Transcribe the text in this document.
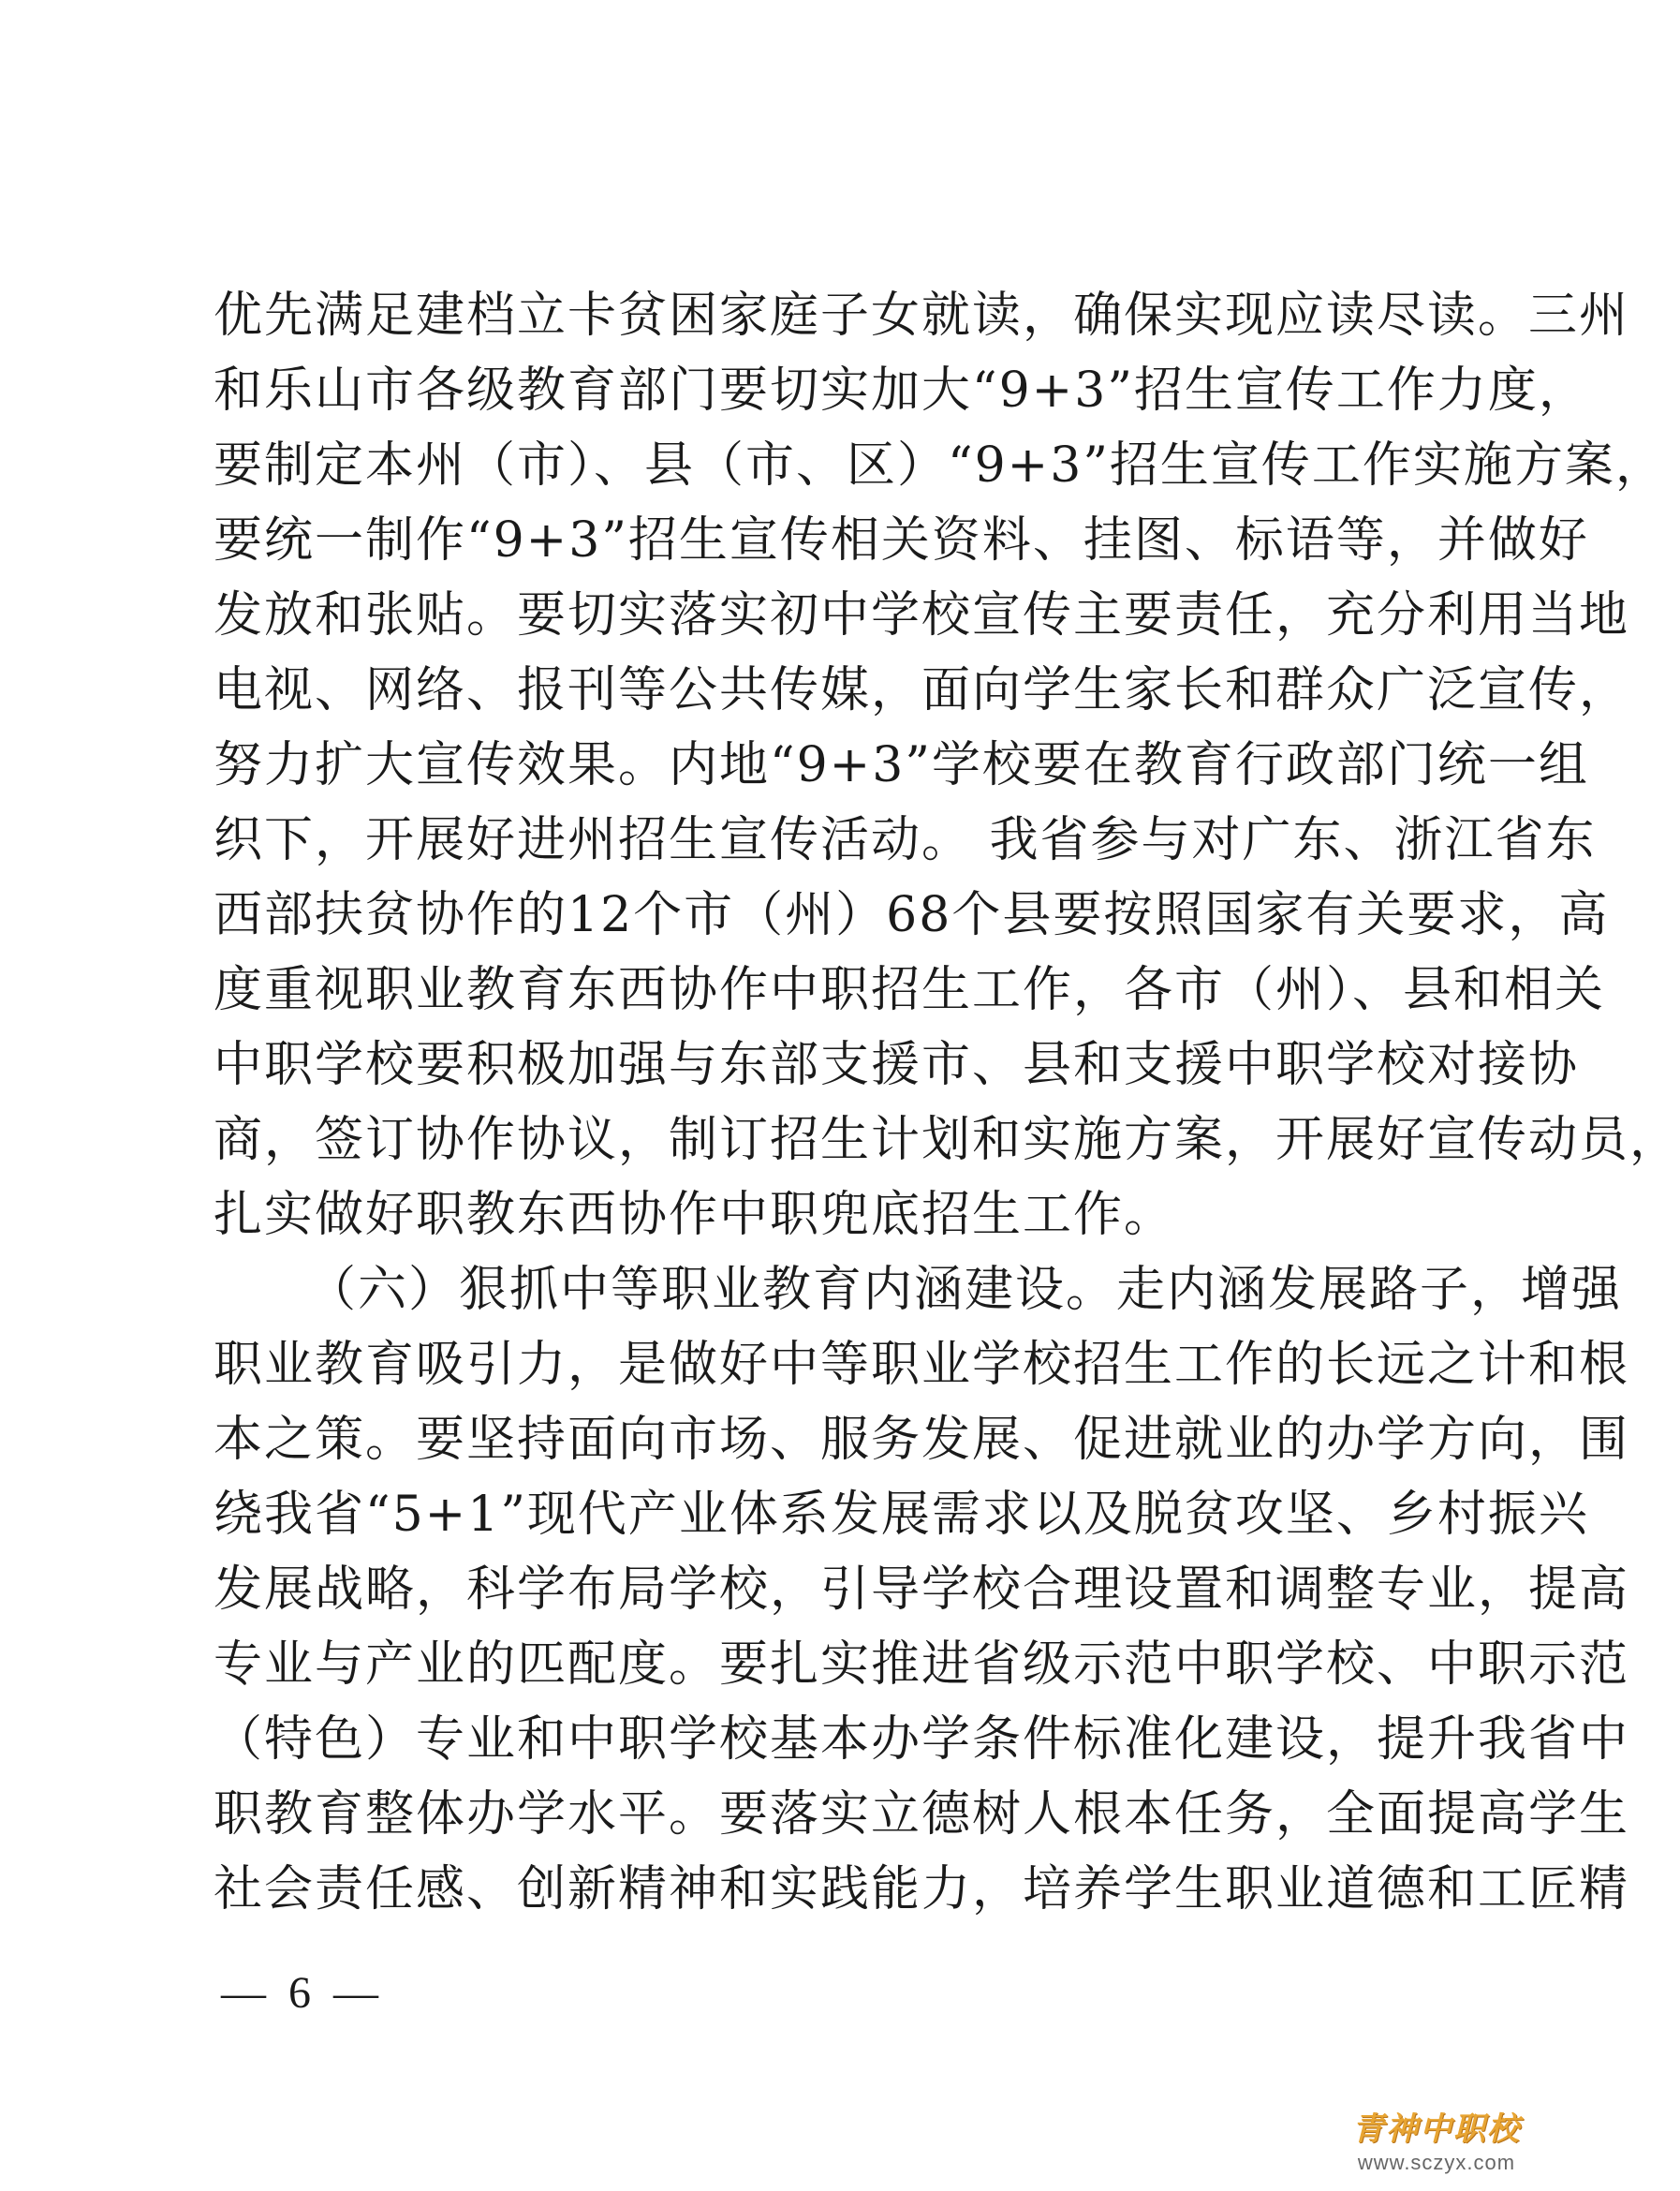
优先满足建档立卡贫困家庭子女就读，确保实现应读尽读。三州
和乐山市各级教育部门要切实加大“9+3”招生宣传工作力度，
要制定本州（市）、县（市、区）“9+3”招生宣传工作实施方案，
要统一制作“9+3”招生宣传相关资料、挂图、标语等，并做好
发放和张贴。要切实落实初中学校宣传主要责任，充分利用当地
电视、网络、报刊等公共传媒，面向学生家长和群众广泛宣传，
努力扩大宣传效果。内地“9+3”学校要在教育行政部门统一组
织下，开展好进州招生宣传活动。 我省参与对广东、浙江省东
西部扶贫协作的12个市（州）68个县要按照国家有关要求，高
度重视职业教育东西协作中职招生工作，各市（州）、县和相关
中职学校要积极加强与东部支援市、县和支援中职学校对接协
商，签订协作协议，制订招生计划和实施方案，开展好宣传动员，
扎实做好职教东西协作中职兜底招生工作。
（六）狠抓中等职业教育内涵建设。走内涵发展路子，增强
职业教育吸引力，是做好中等职业学校招生工作的长远之计和根
本之策。要坚持面向市场、服务发展、促进就业的办学方向，围
绕我省“5+1”现代产业体系发展需求以及脱贫攻坚、乡村振兴
发展战略，科学布局学校，引导学校合理设置和调整专业，提高
专业与产业的匹配度。要扎实推进省级示范中职学校、中职示范
（特色）专业和中职学校基本办学条件标准化建设，提升我省中
职教育整体办学水平。要落实立德树人根本任务，全面提高学生
社会责任感、创新精神和实践能力，培养学生职业道德和工匠精
— 6 —
青神中职校
www.sczyx.com
